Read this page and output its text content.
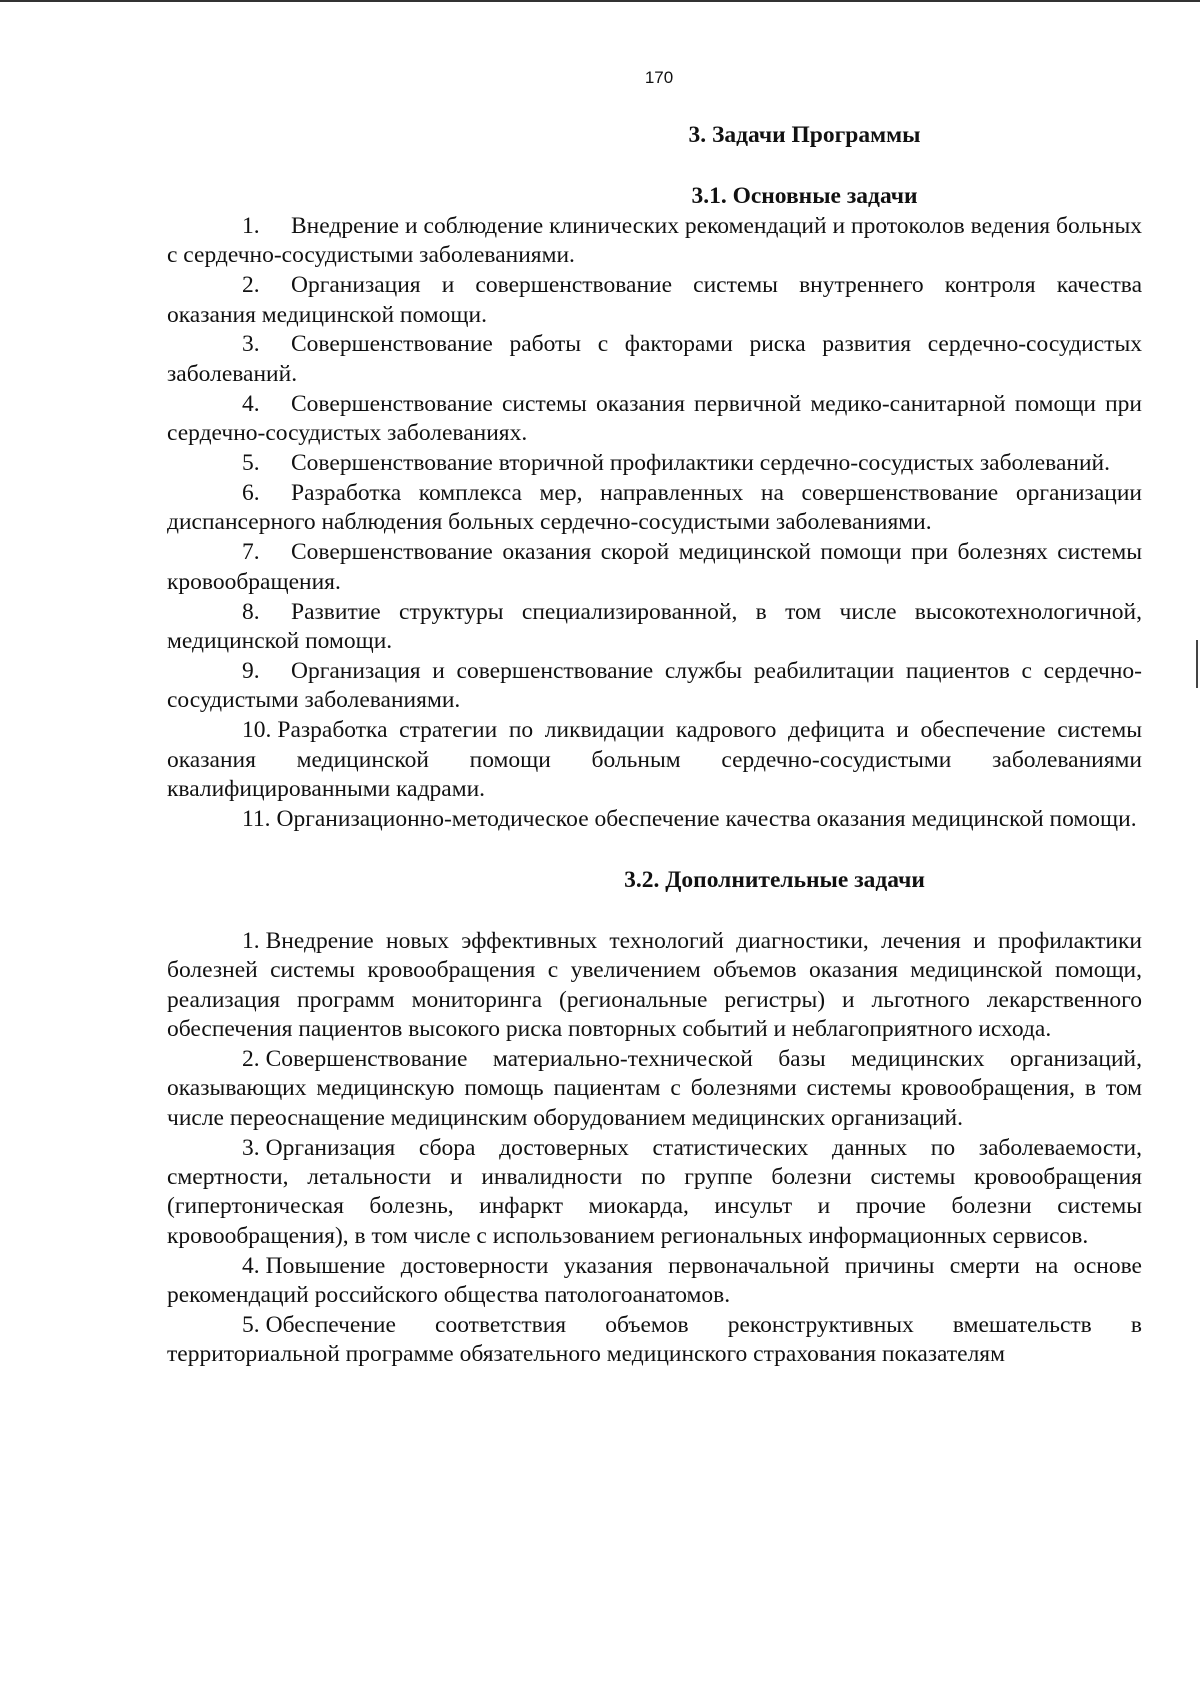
170
3. Задачи Программы
3.1. Основные задачи

1. Внедрение и соблюдение клинических рекомендаций и протоколов ведения больных с сердечно-сосудистыми заболеваниями.

2. Организация и совершенствование системы внутреннего контроля качества оказания медицинской помощи.

3. Совершенствование работы с факторами риска развития сердечно-сосудистых заболеваний.

4. Совершенствование системы оказания первичной медико-санитарной помощи при сердечно-сосудистых заболеваниях.

5. Совершенствование вторичной профилактики сердечно-сосудистых заболеваний.

6. Разработка комплекса мер, направленных на совершенствование организации диспансерного наблюдения больных сердечно-сосудистыми заболеваниями.

7. Совершенствование оказания скорой медицинской помощи при болезнях системы кровообращения.

8. Развитие структуры специализированной, в том числе высокотехнологичной, медицинской помощи.

9. Организация и совершенствование службы реабилитации пациентов с сердечно-сосудистыми заболеваниями.

10. Разработка стратегии по ликвидации кадрового дефицита и обеспечение системы оказания медицинской помощи больным сердечно-сосудистыми заболеваниями квалифицированными кадрами.

11. Организационно-методическое обеспечение качества оказания медицинской помощи.

3.2. Дополнительные задачи

1. Внедрение новых эффективных технологий диагностики, лечения и профилактики болезней системы кровообращения с увеличением объемов оказания медицинской помощи, реализация программ мониторинга (региональные регистры) и льготного лекарственного обеспечения пациентов высокого риска повторных событий и неблагоприятного исхода.

2. Совершенствование материально-технической базы медицинских организаций, оказывающих медицинскую помощь пациентам с болезнями системы кровообращения, в том числе переоснащение медицинским оборудованием медицинских организаций.

3. Организация сбора достоверных статистических данных по заболеваемости, смертности, летальности и инвалидности по группе болезни системы кровообращения (гипертоническая болезнь, инфаркт миокарда, инсульт и прочие болезни системы кровообращения), в том числе с использованием региональных информационных сервисов.

4. Повышение достоверности указания первоначальной причины смерти на основе рекомендаций российского общества патологоанатомов.

5. Обеспечение соответствия объемов реконструктивных вмешательств в территориальной программе обязательного медицинского страхования показателям
